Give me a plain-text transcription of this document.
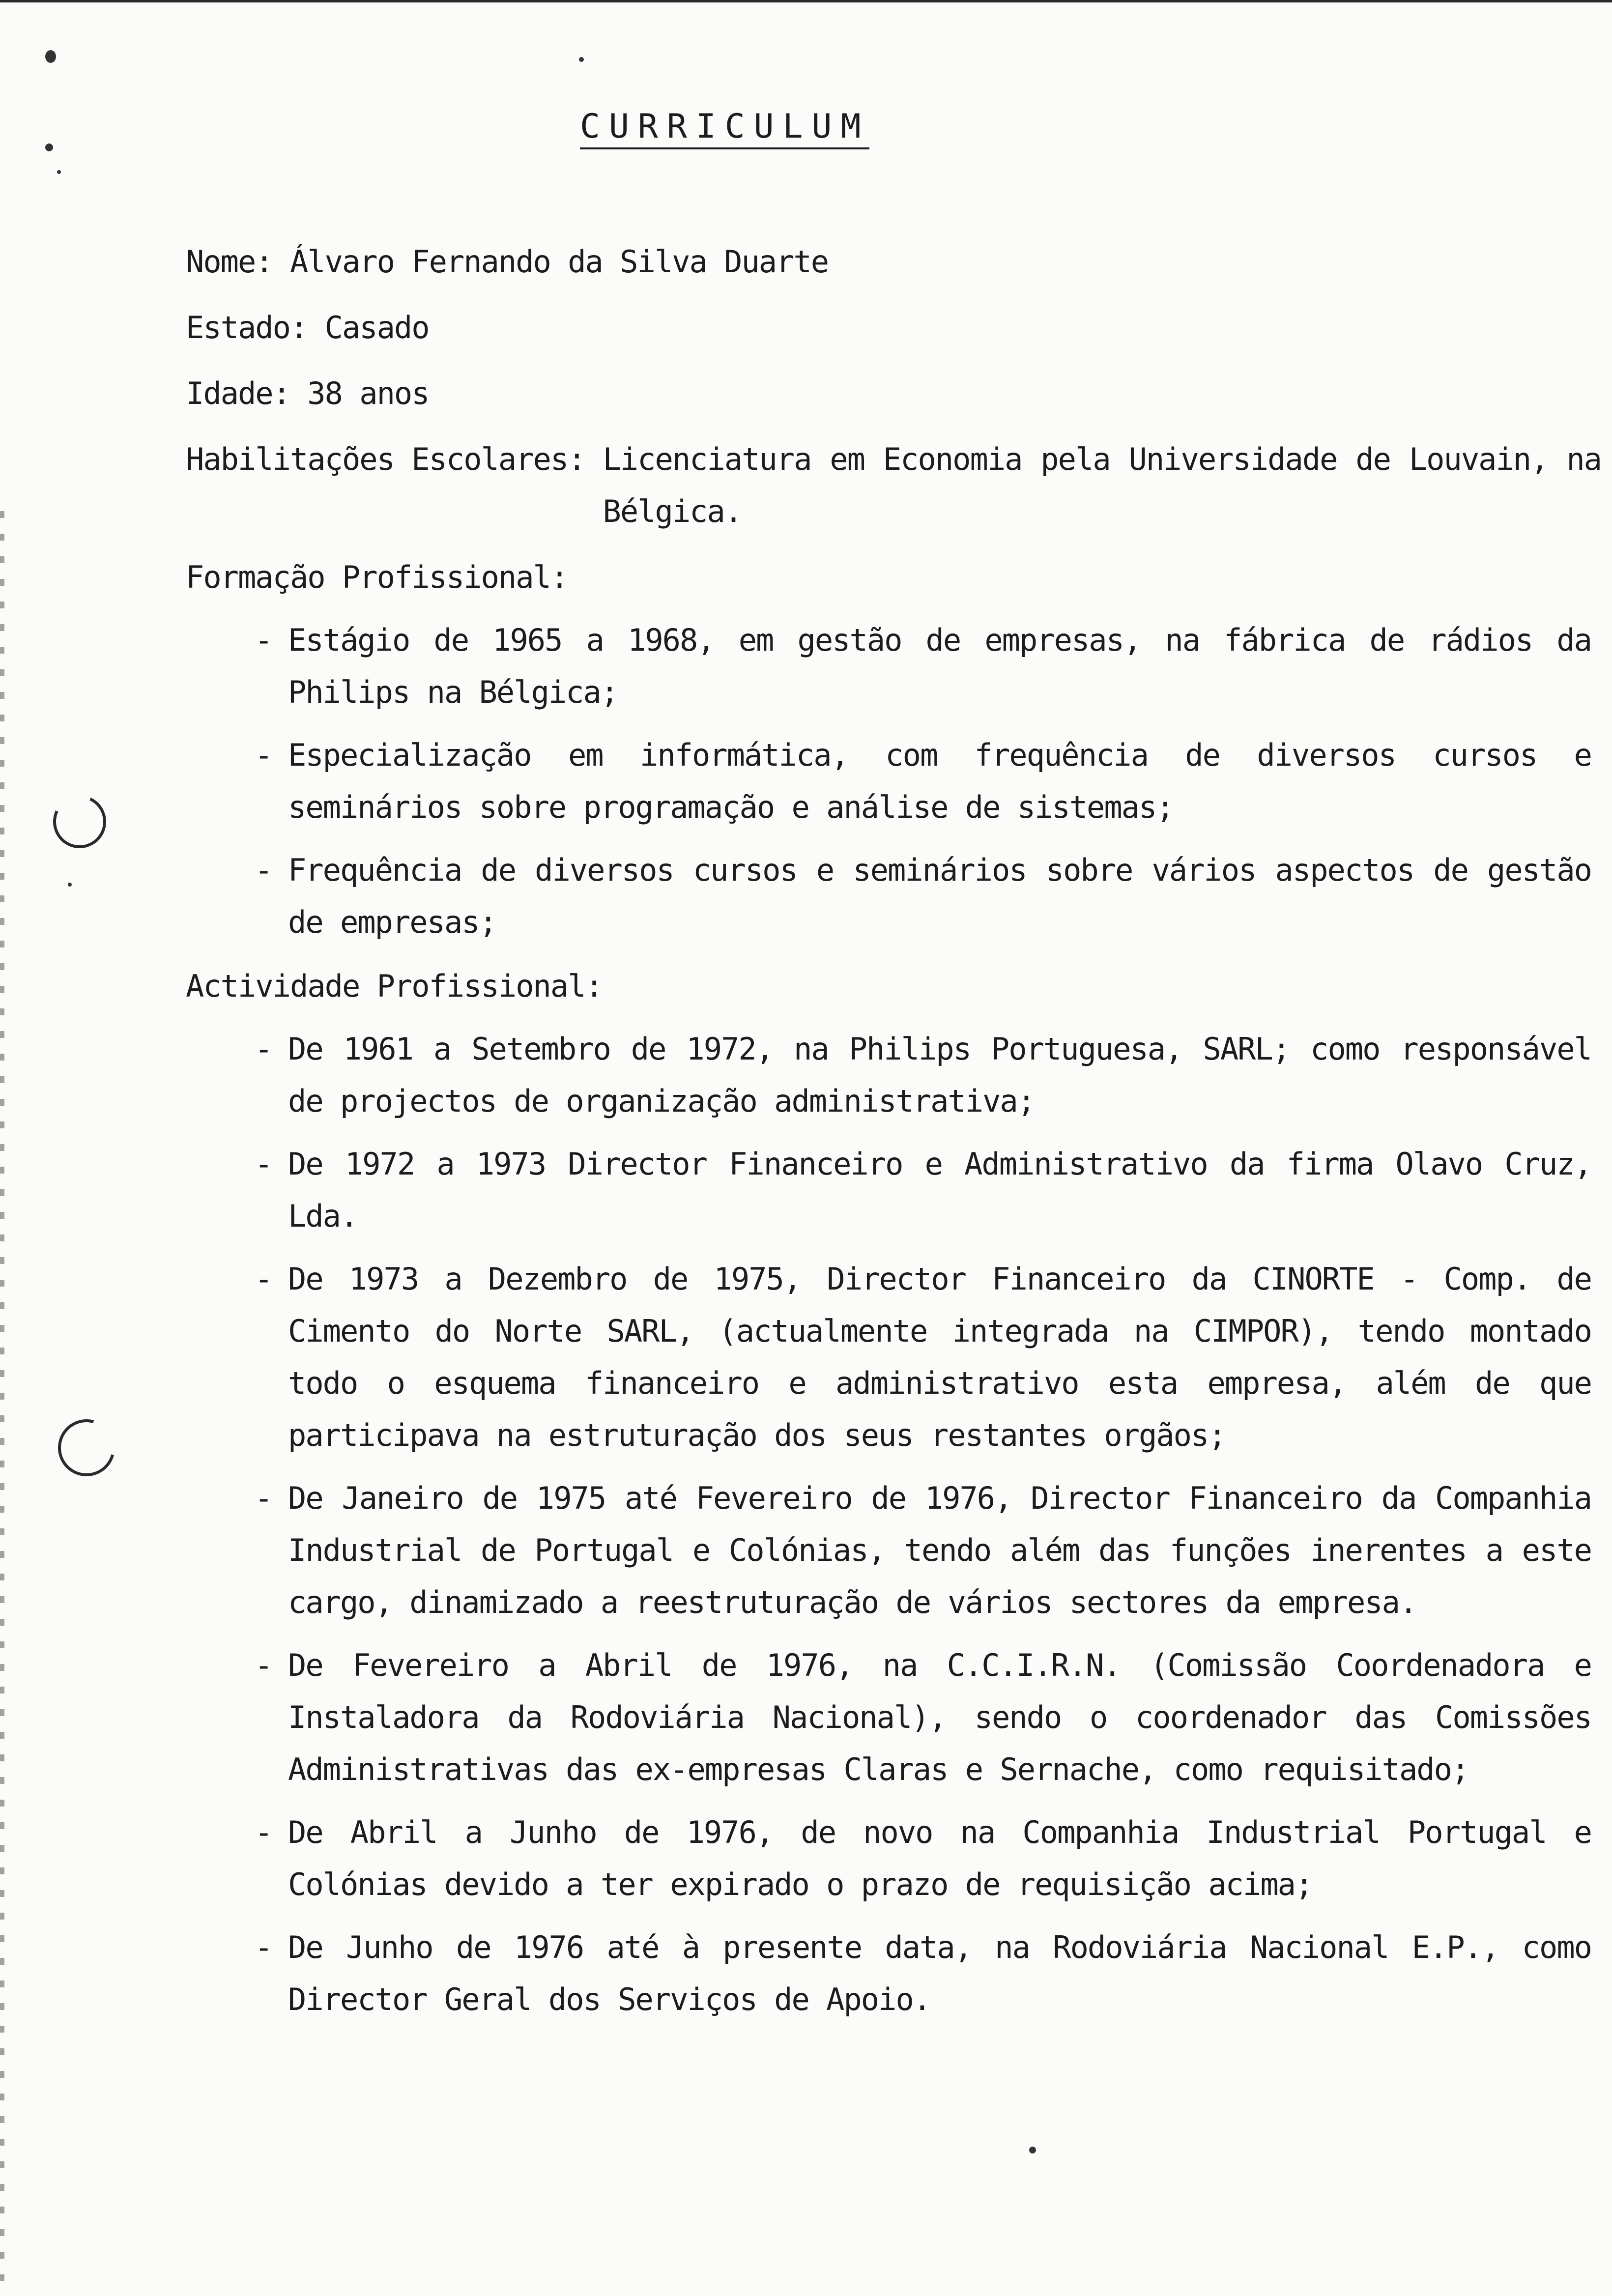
CURRICULUM
Nome: Álvaro Fernando da Silva Duarte
Estado: Casado
Idade: 38 anos
Habilitações Escolares: Licenciatura em Economia pela Universidade de Louvain, na Bélgica.
Formação Profissional:
- Estágio de 1965 a 1968, em gestão de empresas, na fábrica de rádios da Philips na Bélgica;
- Especialização em informática, com frequência de diversos cursos e seminários sobre programação e análise de sistemas;
- Frequência de diversos cursos e seminários sobre vários aspectos de gestão de empresas;
Actividade Profissional:
- De 1961 a Setembro de 1972, na Philips Portuguesa, SARL; como responsável de projectos de organização administrativa;
- De 1972 a 1973 Director Financeiro e Administrativo da firma Olavo Cruz, Lda.
- De 1973 a Dezembro de 1975, Director Financeiro da CINORTE - Comp. de Cimento do Norte SARL, (actualmente integrada na CIMPOR), tendo montado todo o esquema financeiro e administrativo esta empresa, além de que participava na estruturação dos seus restantes orgãos;
- De Janeiro de 1975 até Fevereiro de 1976, Director Financeiro da Companhia Industrial de Portugal e Colónias, tendo além das funções inerentes a este cargo, dinamizado a reestruturação de vários sectores da empresa.
- De Fevereiro a Abril de 1976, na C.C.I.R.N. (Comissão Coordenadora e Instaladora da Rodoviária Nacional), sendo o coordenador das Comissões Administrativas das ex-empresas Claras e Sernache, como requisitado;
- De Abril a Junho de 1976, de novo na Companhia Industrial Portugal e Colónias devido a ter expirado o prazo de requisição acima;
- De Junho de 1976 até à presente data, na Rodoviária Nacional E.P., como Director Geral dos Serviços de Apoio.
